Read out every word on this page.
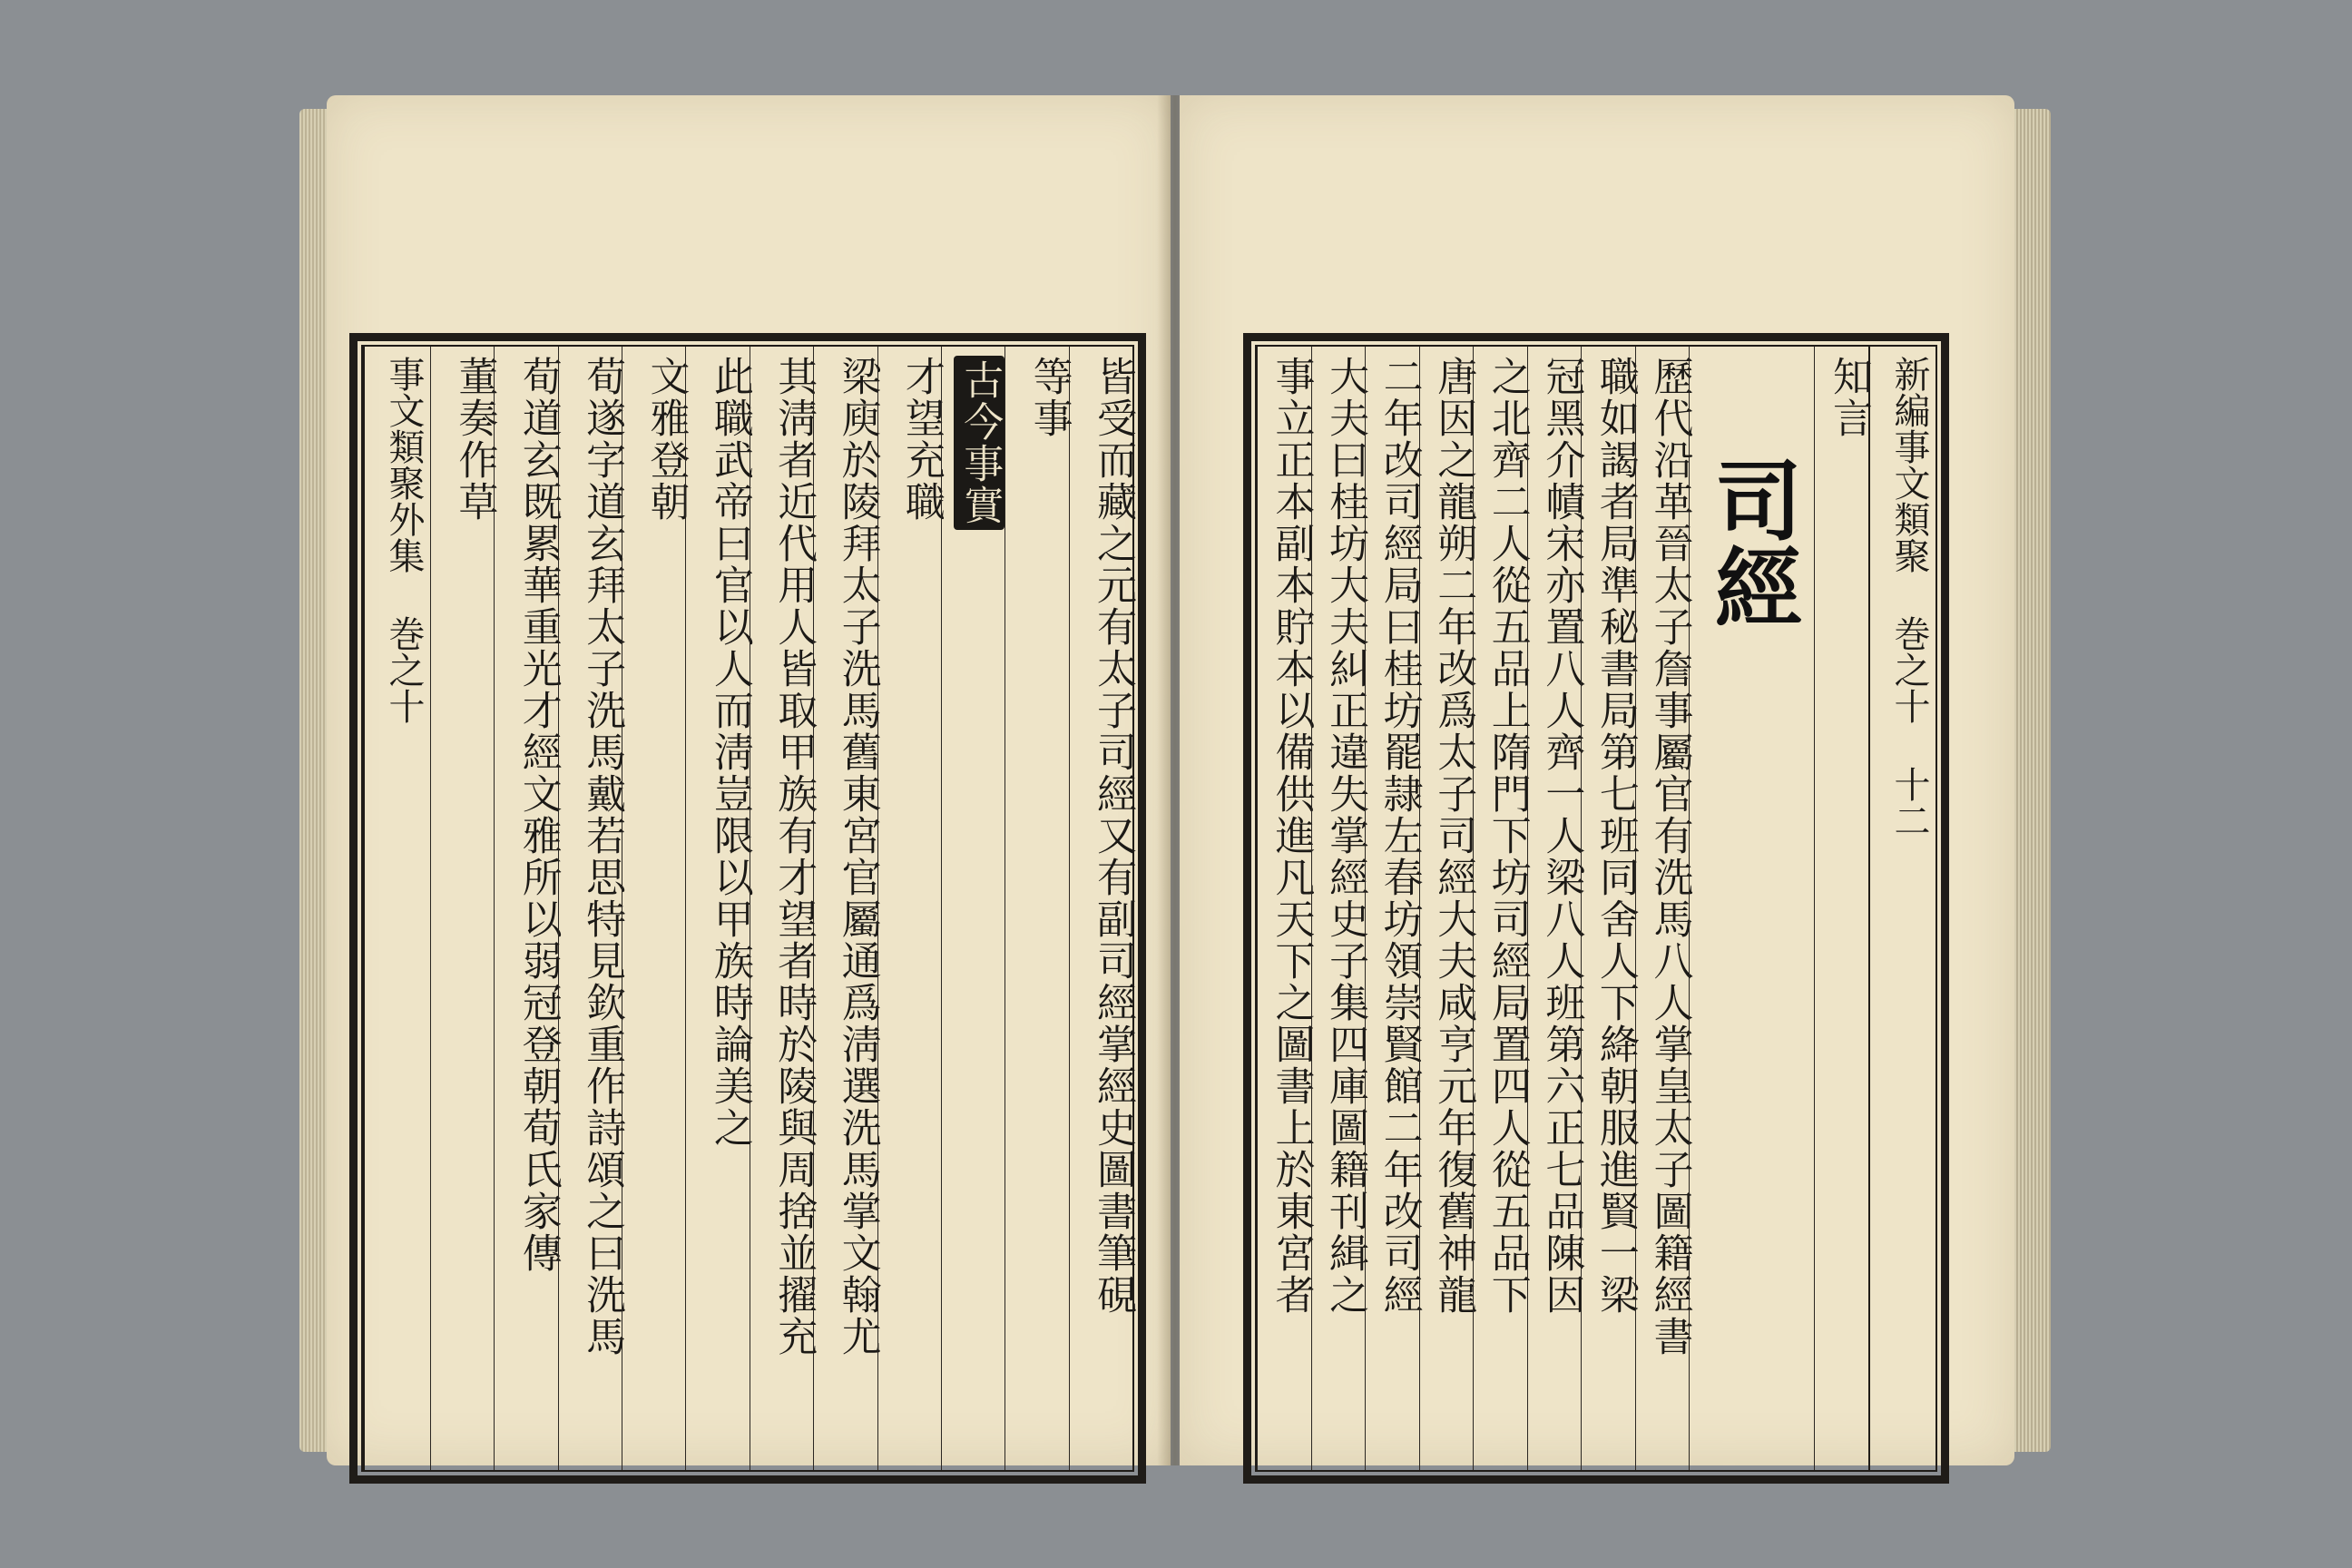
皆受而藏之元有太子司經又有副司經掌經史圖書筆硯
等事
古今事實
才望充職
梁庾於陵拜太子洗馬舊東宮官屬通爲淸選洗馬掌文翰尤
其淸者近代用人皆取甲族有才望者時於陵與周捨並擢充
此職武帝曰官以人而淸豈限以甲族時論美之
文雅登朝
荀遂字道玄拜太子洗馬戴若思特見欽重作詩頌之曰洗馬
荀道玄既累華重光才經文雅所以弱冠登朝荀氏家傳
董奏作草
事文類聚外集 巻之十
新編事文類聚 巻之十 十二
知言
司經
歷代沿革晉太子詹事屬官有洗馬八人掌皇太子圖籍經書
職如謁者局準秘書局第七班同舍人下絳朝服進賢一梁
冠黑介幘宋亦置八人齊一人梁八人班第六正七品陳因
之北齊二人從五品上隋門下坊司經局置四人從五品下
唐因之龍朔二年改爲太子司經大夫咸亨元年復舊神龍
二年改司經局曰桂坊罷隷左春坊領崇賢館二年改司經
大夫曰桂坊大夫糾正違失掌經史子集四庫圖籍刊緝之
事立正本副本貯本以備供進凡天下之圖書上於東宮者
